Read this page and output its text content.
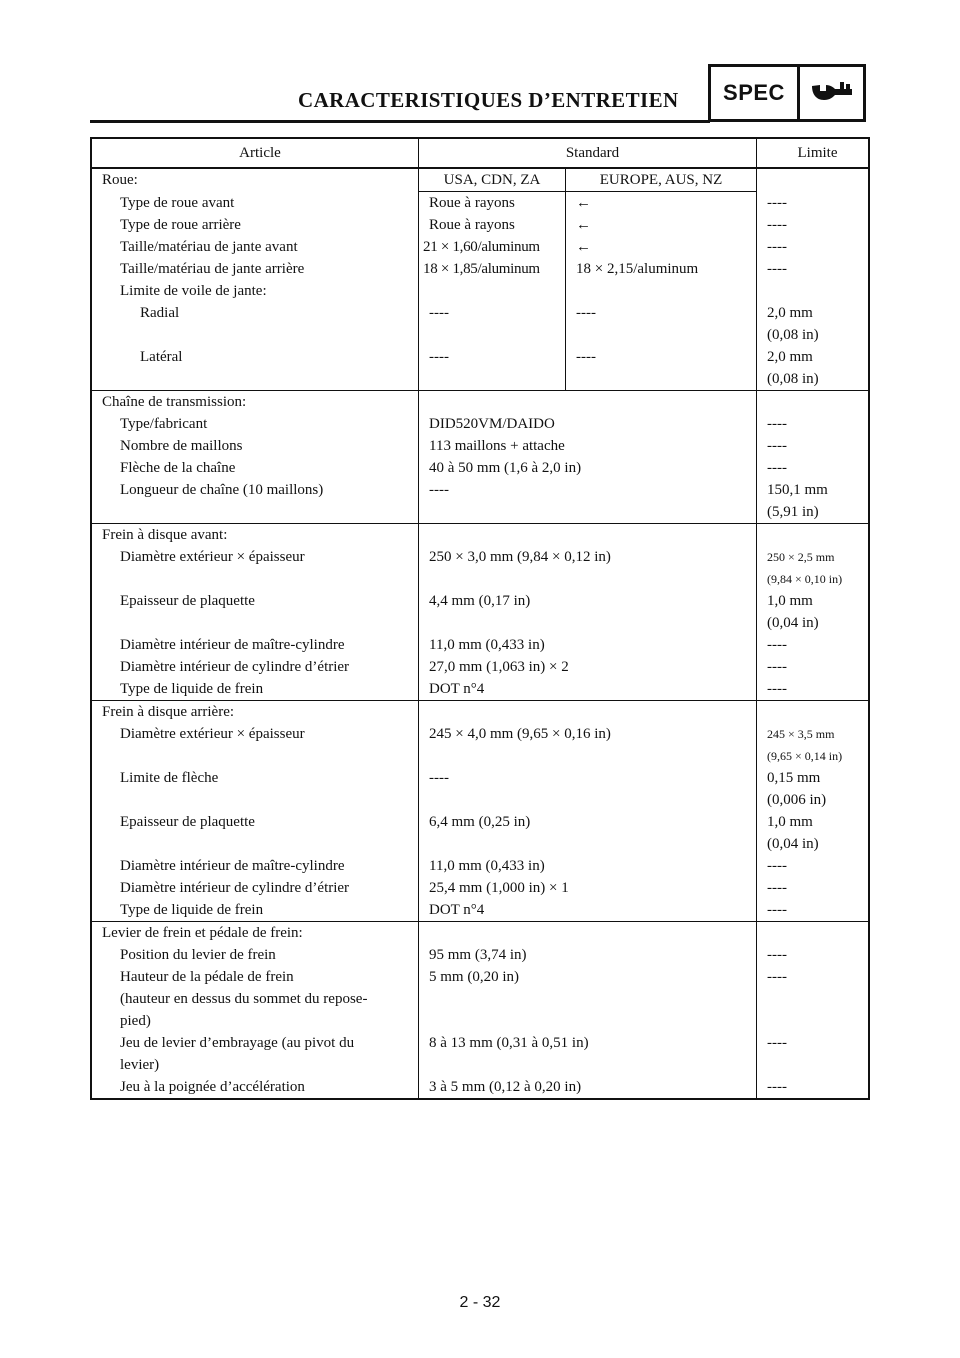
CARACTERISTIQUES D’ENTRETIEN	SPEC
Article	Standard		Limite
Roue:	USA, CDN, ZA	EUROPE, AUS, NZ	
Type de roue avant	Roue à rayons	←	----
Type de roue arrière	Roue à rayons	←	----
Taille/matériau de jante avant	21 × 1,60/aluminum	←	----
Taille/matériau de jante arrière	18 × 1,85/aluminum	18 × 2,15/aluminum	----
Limite de voile de jante:			
Radial	----	----	2,0 mm
(0,08 in)
Latéral	----	----	2,0 mm
(0,08 in)
Chaîne de transmission:			
Type/fabricant	DID520VM/DAIDO		----
Nombre de maillons	113 maillons + attache		----
Flèche de la chaîne	40 à 50 mm (1,6 à 2,0 in)		----
Longueur de chaîne (10 maillons)	----		150,1 mm
(5,91 in)
Frein à disque avant:			
Diamètre extérieur × épaisseur	250 × 3,0 mm (9,84 × 0,12 in)		250 × 2,5 mm
(9,84 × 0,10 in)
Epaisseur de plaquette	4,4 mm (0,17 in)		1,0 mm
(0,04 in)
Diamètre intérieur de maître-cylindre	11,0 mm (0,433 in)		----
Diamètre intérieur de cylindre d’étrier	27,0 mm (1,063 in) × 2		----
Type de liquide de frein	DOT n°4		----
Frein à disque arrière:			
Diamètre extérieur × épaisseur	245 × 4,0 mm (9,65 × 0,16 in)		245 × 3,5 mm
(9,65 × 0,14 in)
Limite de flèche	----		0,15 mm
(0,006 in)
Epaisseur de plaquette	6,4 mm (0,25 in)		1,0 mm
(0,04 in)
Diamètre intérieur de maître-cylindre	11,0 mm (0,433 in)		----
Diamètre intérieur de cylindre d’étrier	25,4 mm (1,000 in) × 1		----
Type de liquide de frein	DOT n°4		----
Levier de frein et pédale de frein:			
Position du levier de frein	95 mm (3,74 in)		----
Hauteur de la pédale de frein
(hauteur en dessus du sommet du repose-
pied)	5 mm (0,20 in)		----
Jeu de levier d’embrayage (au pivot du
levier)	8 à 13 mm (0,31 à 0,51 in)		----
Jeu à la poignée d’accélération	3 à 5 mm (0,12 à 0,20 in)		----
2 - 32
